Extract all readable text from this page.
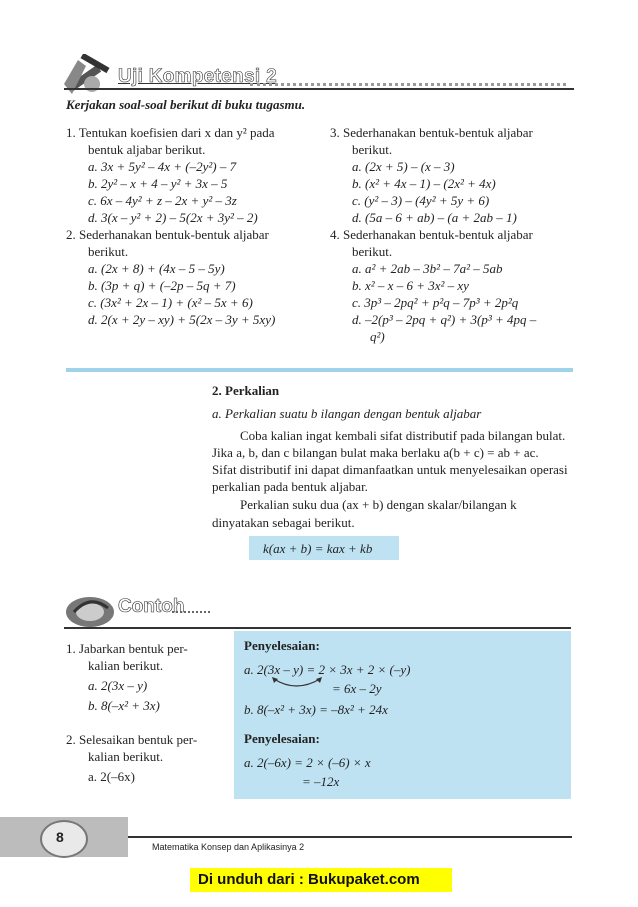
Uji Kompetensi 2
Kerjakan soal-soal berikut di buku tugasmu.
1. Tentukan koefisien dari x dan y² pada
bentuk aljabar berikut.
a. 3x + 5y² – 4x + (–2y²) – 7
b. 2y² – x + 4 – y² + 3x – 5
c. 6x – 4y² + z – 2x + y² – 3z
d. 3(x – y² + 2) – 5(2x + 3y² – 2)
2. Sederhanakan bentuk-bentuk aljabar
berikut.
a. (2x + 8) + (4x – 5 – 5y)
b. (3p + q) + (–2p – 5q + 7)
c. (3x² + 2x – 1) + (x² – 5x + 6)
d. 2(x + 2y – xy) + 5(2x – 3y + 5xy)
3. Sederhanakan bentuk-bentuk aljabar
berikut.
a. (2x + 5) – (x – 3)
b. (x² + 4x – 1) – (2x² + 4x)
c. (y² – 3) – (4y² + 5y + 6)
d. (5a – 6 + ab) – (a + 2ab – 1)
4. Sederhanakan bentuk-bentuk aljabar
berikut.
a. a² + 2ab – 3b² – 7a² – 5ab
b. x² – x – 6 + 3x² – xy
c. 3p³ – 2pq² + p²q – 7p³ + 2p²q
d. –2(p³ – 2pq + q²) + 3(p³ + 4pq –
q²)
2. Perkalian
a. Perkalian suatu b ilangan dengan bentuk aljabar
Coba kalian ingat kembali sifat distributif pada bilangan bulat.
Jika a, b, dan c bilangan bulat maka berlaku a(b + c) = ab + ac.
Sifat distributif ini dapat dimanfaatkan untuk menyelesaikan operasi
perkalian pada bentuk aljabar.
Perkalian suku dua (ax + b) dengan skalar/bilangan k
dinyatakan sebagai berikut.
k(ax + b) = kax + kb
Contoh
1. Jabarkan bentuk per-
kalian berikut.
a. 2(3x – y)
b. 8(–x² + 3x)
2. Selesaikan bentuk per-
kalian berikut.
a. 2(–6x)
Penyelesaian:
a. 2(3x – y) = 2 × 3x + 2 × (–y)
= 6x – 2y
b. 8(–x² + 3x) = –8x² + 24x
Penyelesaian:
a. 2(–6x) = 2 × (–6) × x
= –12x
8
Matematika Konsep dan Aplikasinya 2
Di unduh dari : Bukupaket.com
